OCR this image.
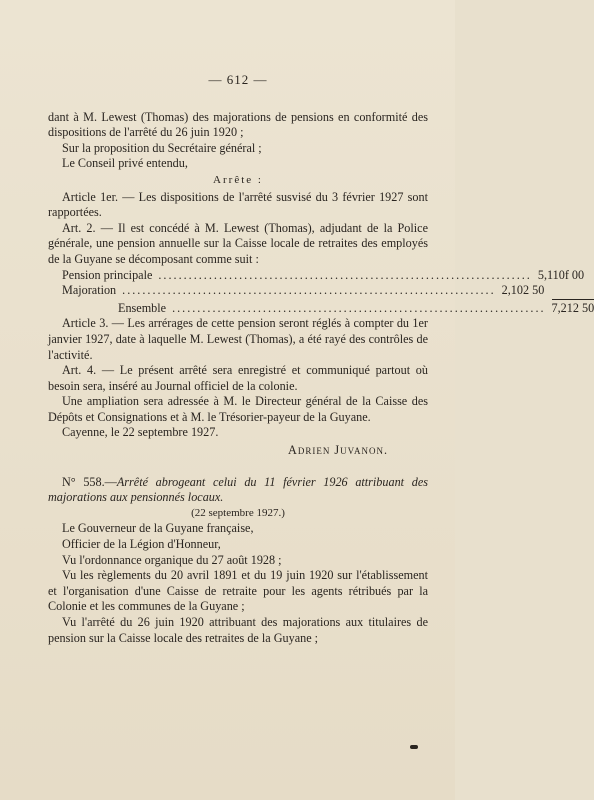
— 612 —

dant à M. Lewest (Thomas) des majorations de pensions en conformité des dispositions de l'arrêté du 26 juin 1920 ;

Sur la proposition du Secrétaire général ;

Le Conseil privé entendu,

Arrête :

Article 1er. — Les dispositions de l'arrêté susvisé du 3 février 1927 sont rapportées.

Art. 2. — Il est concédé à M. Lewest (Thomas), adjudant de la Police générale, une pension annuelle sur la Caisse locale de retraites des employés de la Guyane se décomposant comme suit :

Pension principale .......................................................................... 5,110f 00
Majoration .......................................................................... 2,102 50
Ensemble .......................................................................... 7,212 50

Article 3. — Les arrérages de cette pension seront réglés à compter du 1er janvier 1927, date à laquelle M. Lewest (Thomas), a été rayé des contrôles de l'activité.

Art. 4. — Le présent arrêté sera enregistré et communiqué partout où besoin sera, inséré au Journal officiel de la colonie.

Une ampliation sera adressée à M. le Directeur général de la Caisse des Dépôts et Consignations et à M. le Trésorier-payeur de la Guyane.

Cayenne, le 22 septembre 1927.

Adrien Juvanon.

N° 558.—Arrêté abrogeant celui du 11 février 1926 attribuant des majorations aux pensionnés locaux.

(22 septembre 1927.)

Le Gouverneur de la Guyane française,

Officier de la Légion d'Honneur,

Vu l'ordonnance organique du 27 août 1928 ;

Vu les règlements du 20 avril 1891 et du 19 juin 1920 sur l'établissement et l'organisation d'une Caisse de retraite pour les agents rétribués par la Colonie et les communes de la Guyane ;

Vu l'arrêté du 26 juin 1920 attribuant des majorations aux titulaires de pension sur la Caisse locale des retraites de la Guyane ;
